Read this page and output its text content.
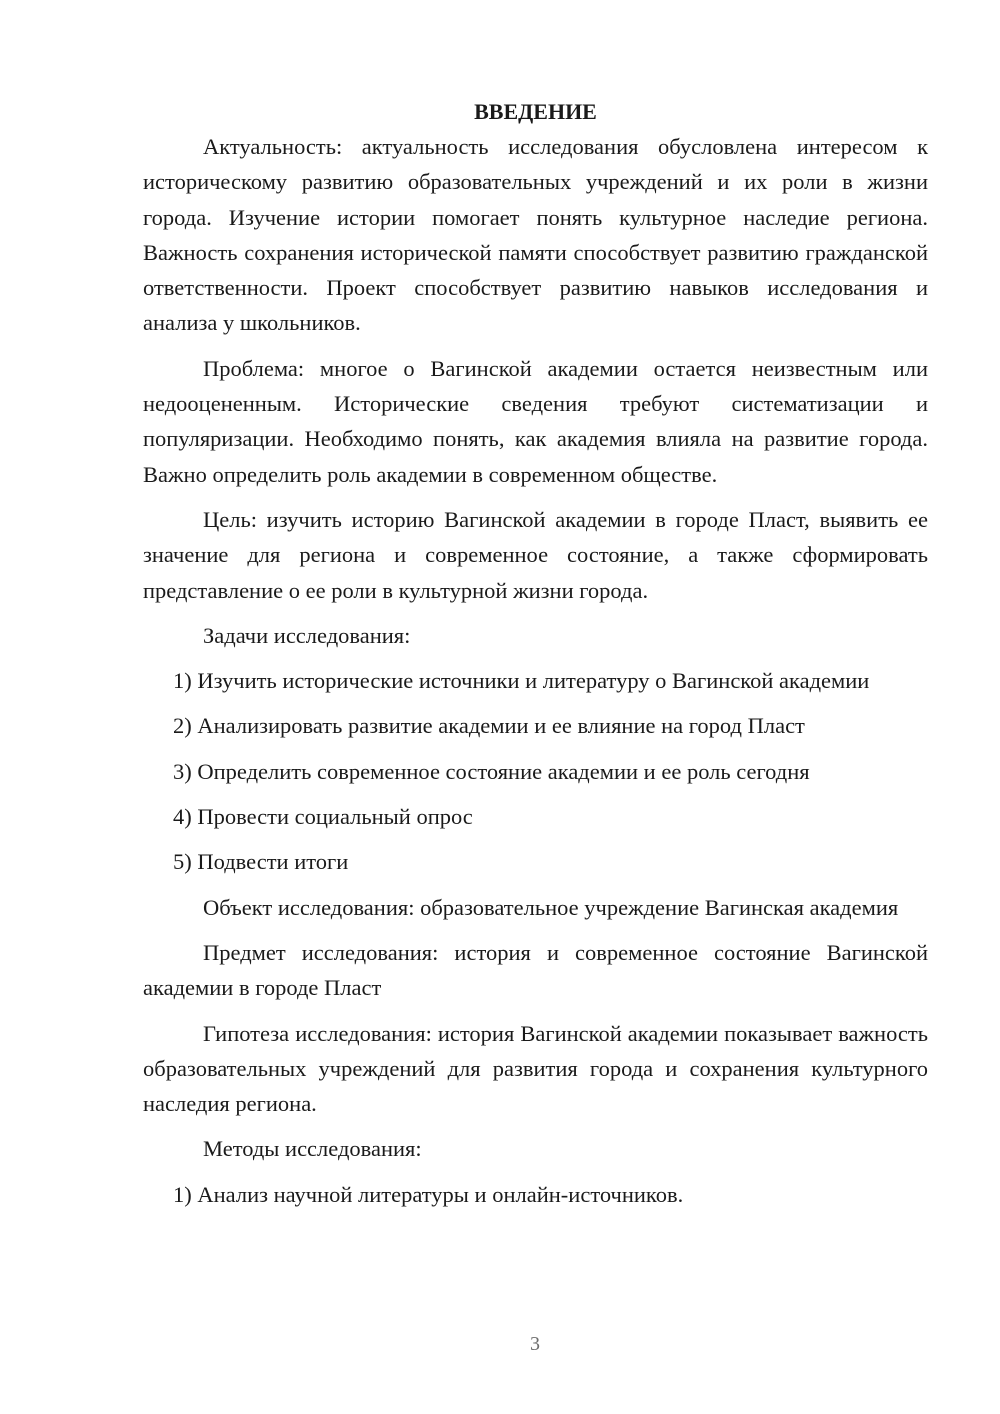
ВВЕДЕНИЕ

Актуальность: актуальность исследования обусловлена интересом к историческому развитию образовательных учреждений и их роли в жизни города. Изучение истории помогает понять культурное наследие региона. Важность сохранения исторической памяти способствует развитию гражданской ответственности. Проект способствует развитию навыков исследования и анализа у школьников.

Проблема: многое о Вагинской академии остается неизвестным или недооцененным. Исторические сведения требуют систематизации и популяризации. Необходимо понять, как академия влияла на развитие города. Важно определить роль академии в современном обществе.

Цель: изучить историю Вагинской академии в городе Пласт, выявить ее значение для региона и современное состояние, а также сформировать представление о ее роли в культурной жизни города.

Задачи исследования:

1) Изучить исторические источники и литературу о Вагинской академии

2) Анализировать развитие академии и ее влияние на город Пласт

3) Определить современное состояние академии и ее роль сегодня

4) Провести социальный опрос

5) Подвести итоги

Объект исследования: образовательное учреждение Вагинская академия

Предмет исследования: история и современное состояние Вагинской академии в городе Пласт

Гипотеза исследования: история Вагинской академии показывает важность образовательных учреждений для развития города и сохранения культурного наследия региона.

Методы исследования:

1) Анализ научной литературы и онлайн-источников.

3
